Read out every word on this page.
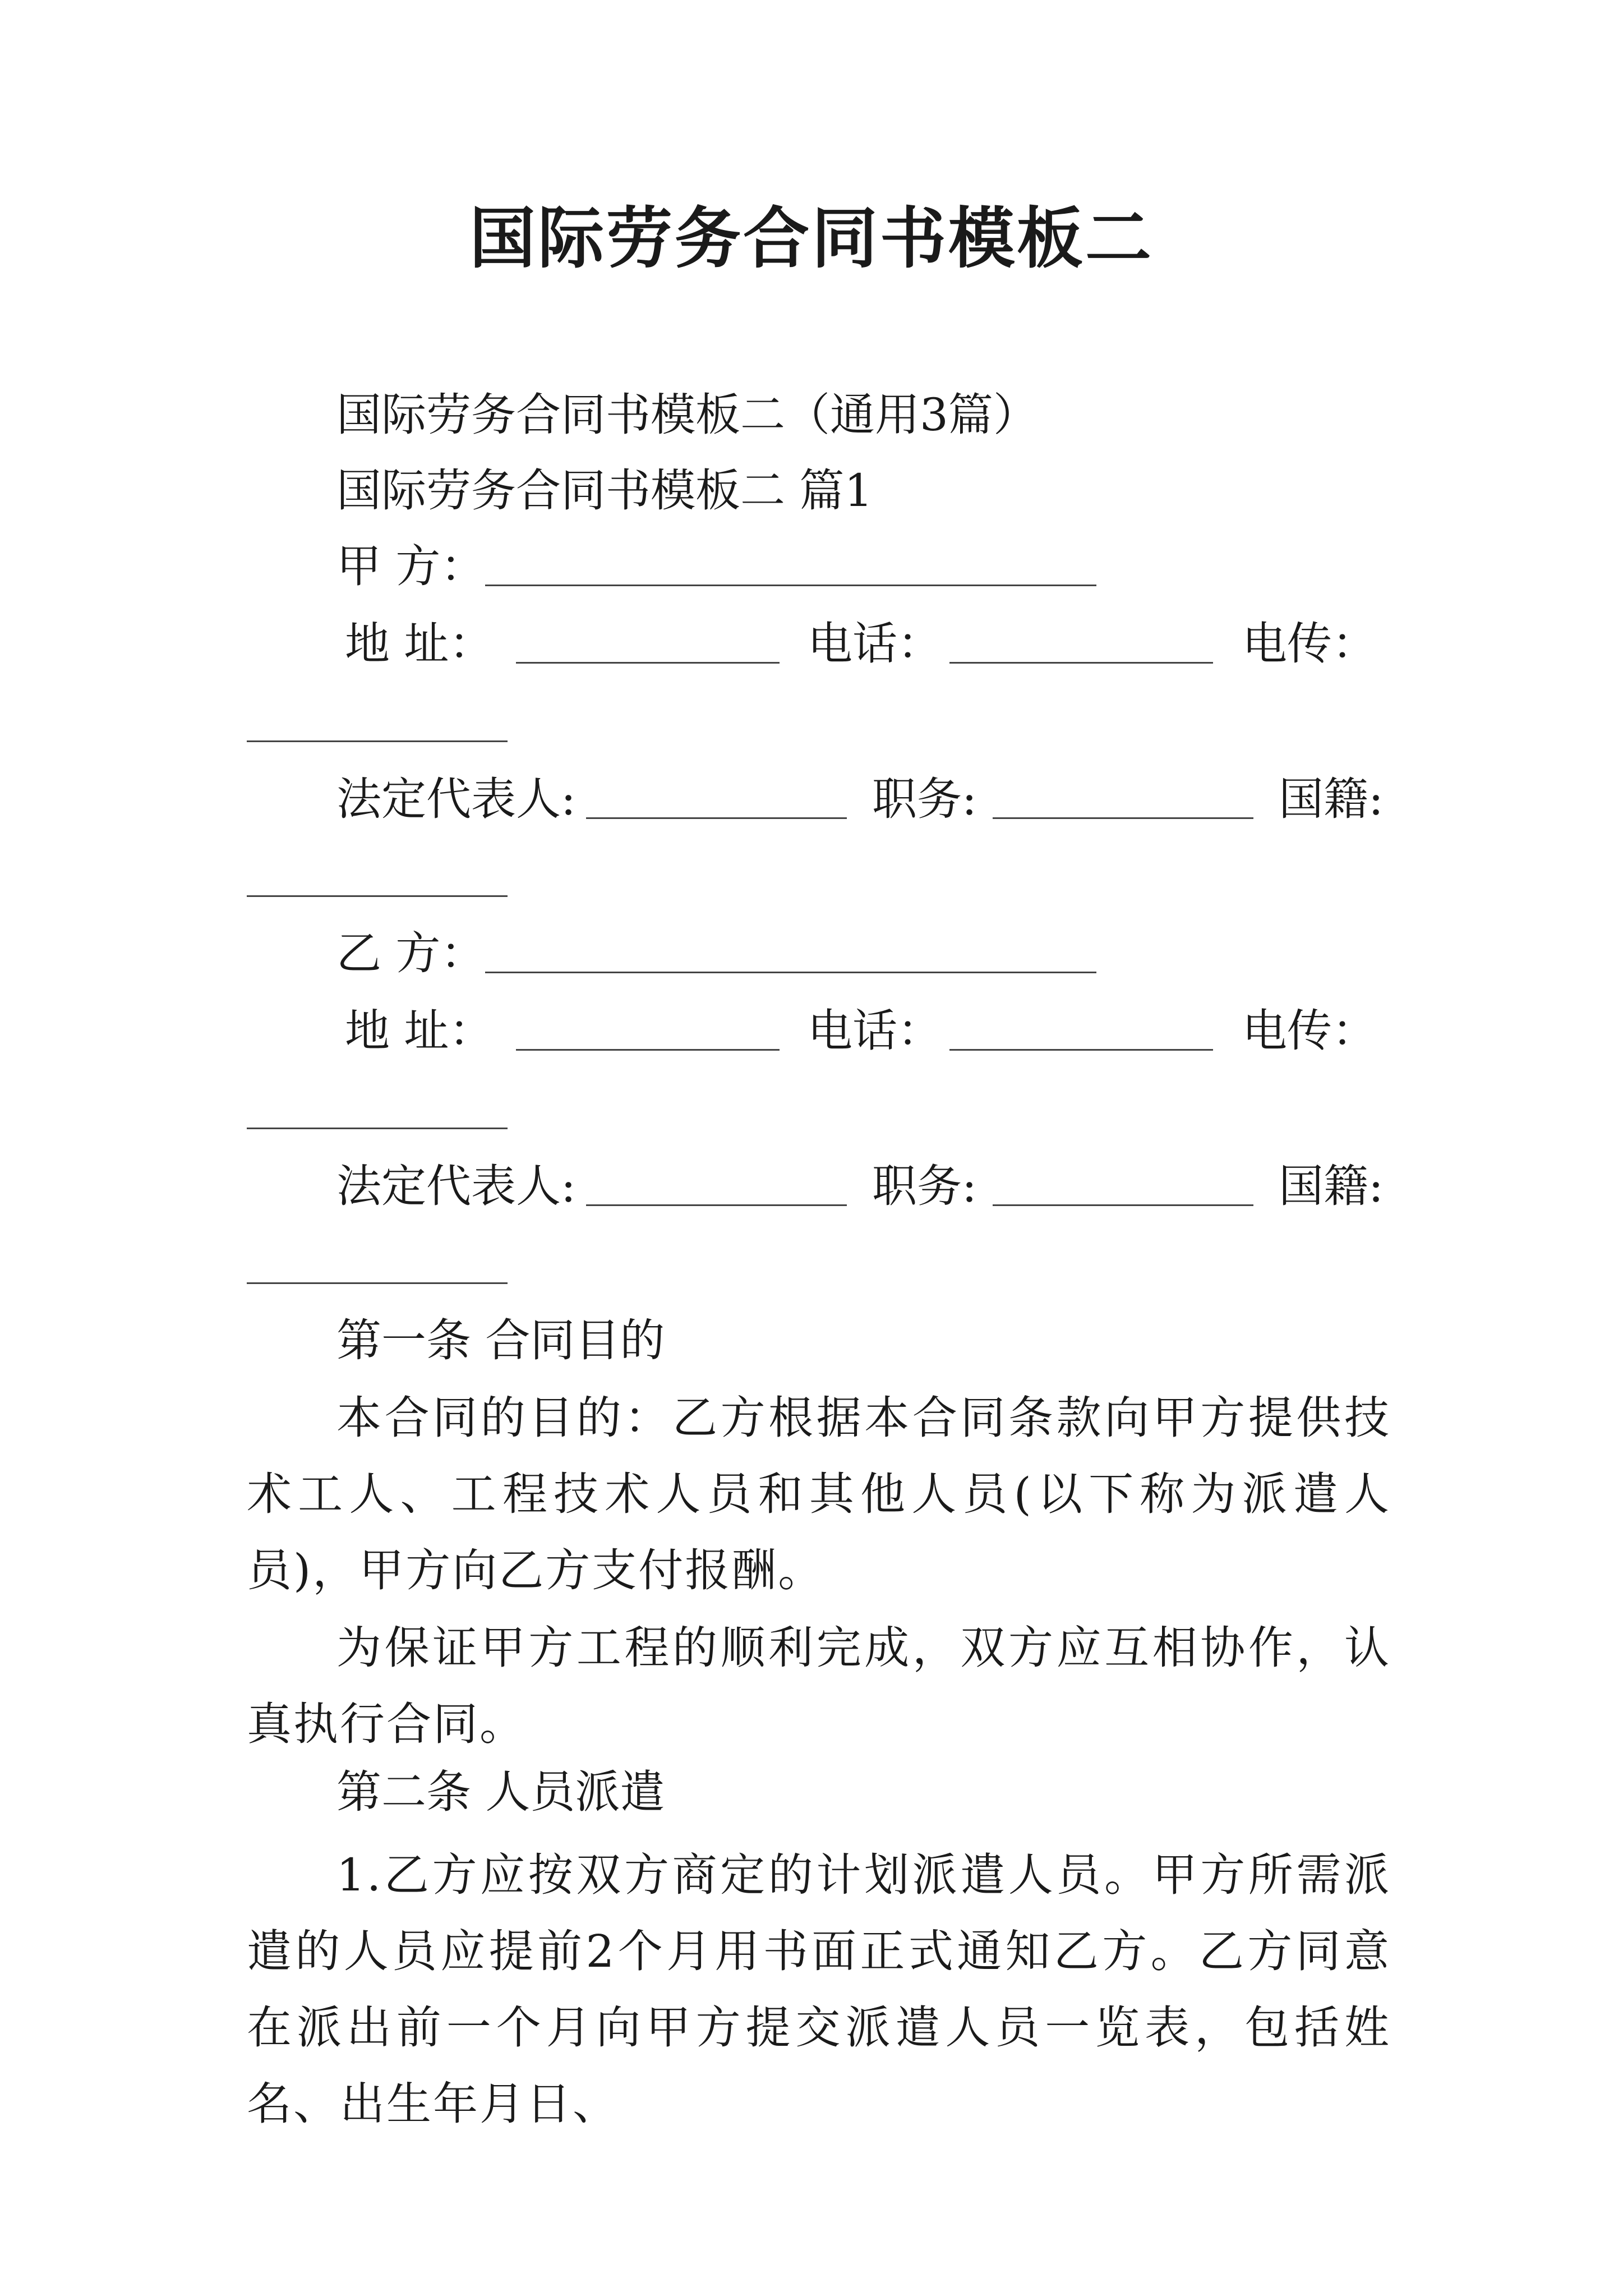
国际劳务合同书模板二
国际劳务合同书模板二（通用3篇）
国际劳务合同书模板二 篇1
甲 方：
地 址：	电话：	电传：
法定代表人:	职务:	国籍:
乙 方：
地 址：	电话：	电传：
法定代表人:	职务:	国籍:
第一条 合同目的
本合同的目的：乙方根据本合同条款向甲方提供技术工人、工程技术人员和其他人员(以下称为派遣人员)，甲方向乙方支付报酬。
为保证甲方工程的顺利完成，双方应互相协作，认真执行合同。
第二条 人员派遣
1.乙方应按双方商定的计划派遣人员。甲方所需派遣的人员应提前2个月用书面正式通知乙方。乙方同意在派出前一个月向甲方提交派遣人员一览表，包括姓名、出生年月日、
